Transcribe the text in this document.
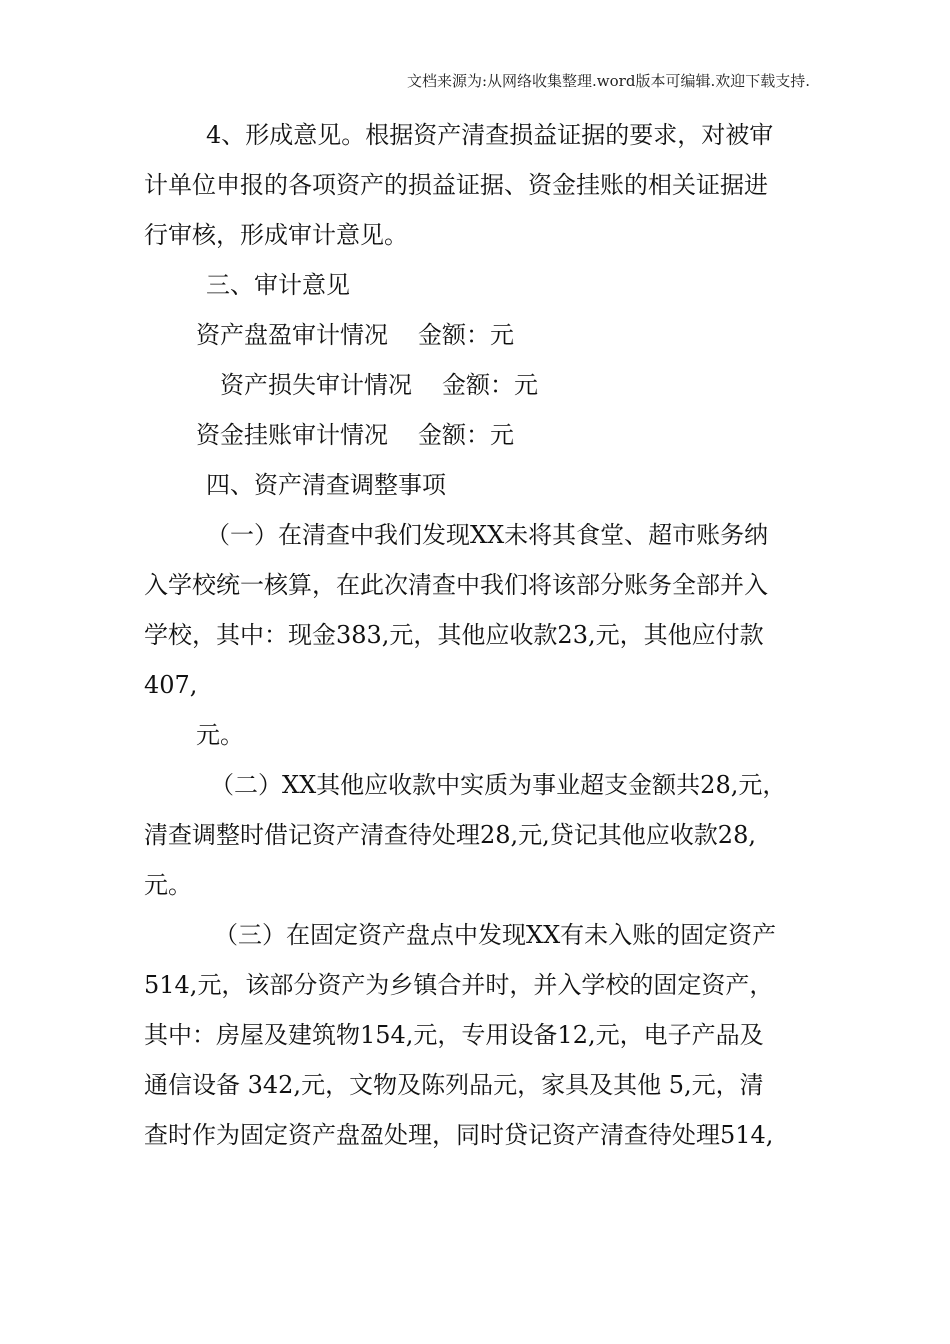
文档来源为:从网络收集整理.word版本可编辑.欢迎下载支持.
4、形成意见。根据资产清查损益证据的要求，对被审
计单位申报的各项资产的损益证据、资金挂账的相关证据进
行审核，形成审计意见。
三、审计意见
资产盘盈审计情况 金额：元
资产损失审计情况 金额：元
资金挂账审计情况 金额：元
四、资产清查调整事项
（一）在清查中我们发现XX未将其食堂、超市账务纳
入学校统一核算，在此次清查中我们将该部分账务全部并入
学校，其中：现金383,元，其他应收款23,元，其他应付款
407,
元。
（二）XX其他应收款中实质为事业超支金额共28,元，
清查调整时借记资产清查待处理28,元,贷记其他应收款28,
元。
（三）在固定资产盘点中发现XX有未入账的固定资产
514,元，该部分资产为乡镇合并时，并入学校的固定资产，
其中：房屋及建筑物154,元，专用设备12,元，电子产品及
通信设备 342,元，文物及陈列品元，家具及其他 5,元，清
查时作为固定资产盘盈处理，同时贷记资产清查待处理514,
